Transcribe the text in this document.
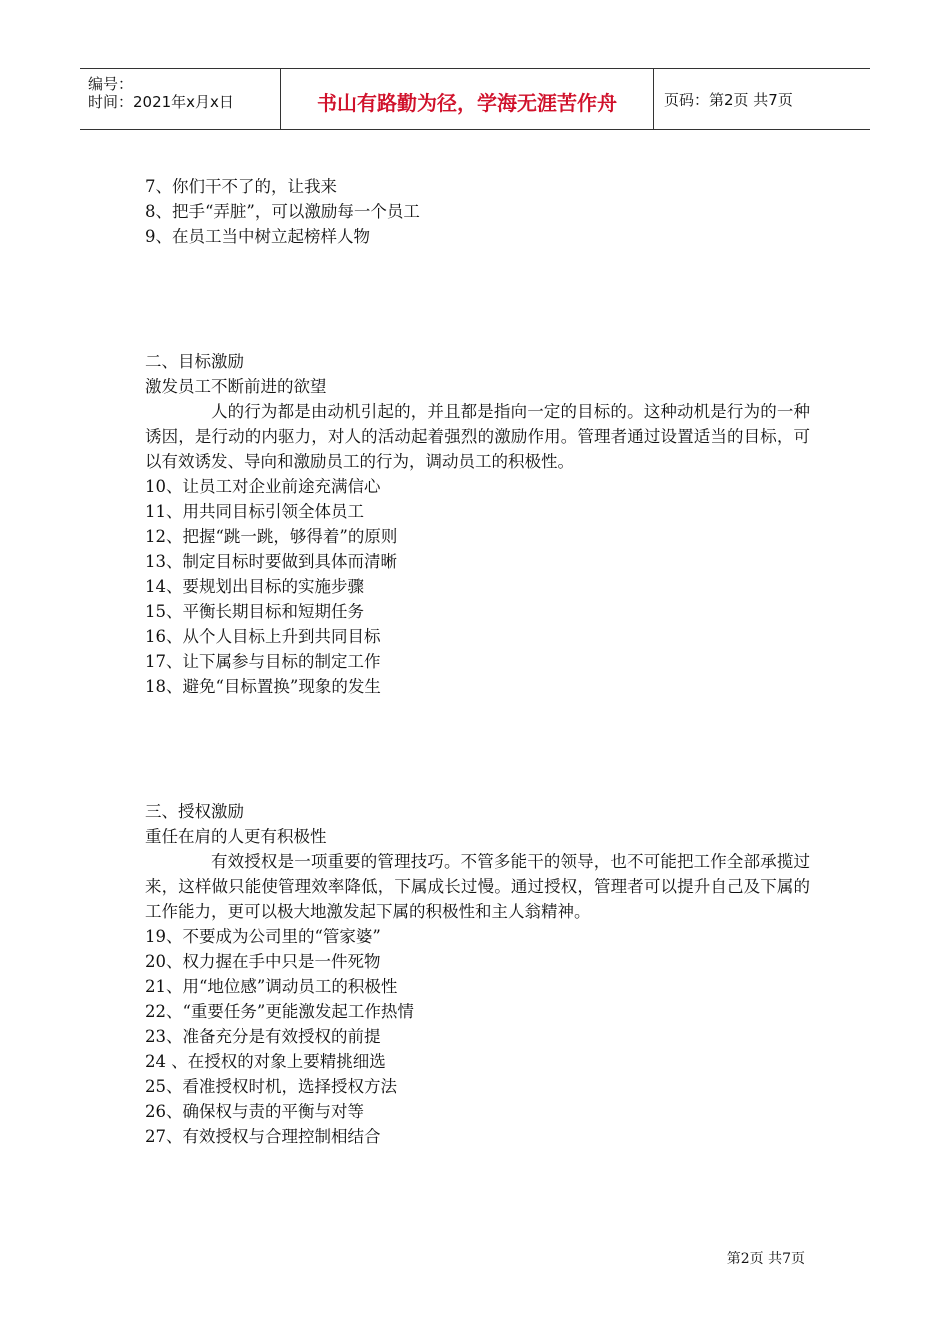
编号：
时间：2021年x月x日	书山有路勤为径，学海无涯苦作舟	页码：第2页 共7页
7、你们干不了的，让我来
8、把手“弄脏”，可以激励每一个员工
9、在员工当中树立起榜样人物
二、目标激励
激发员工不断前进的欲望

人的行为都是由动机引起的，并且都是指向一定的目标的。这种动机是行为的一种诱因，是行动的内驱力，对人的活动起着强烈的激励作用。管理者通过设置适当的目标，可以有效诱发、导向和激励员工的行为，调动员工的积极性。

10、让员工对企业前途充满信心
11、用共同目标引领全体员工
12、把握“跳一跳，够得着”的原则
13、制定目标时要做到具体而清晰
14、要规划出目标的实施步骤
15、平衡长期目标和短期任务
16、从个人目标上升到共同目标
17、让下属参与目标的制定工作
18、避免“目标置换”现象的发生
三、授权激励
重任在肩的人更有积极性

有效授权是一项重要的管理技巧。不管多能干的领导，也不可能把工作全部承揽过来，这样做只能使管理效率降低，下属成长过慢。通过授权，管理者可以提升自己及下属的工作能力，更可以极大地激发起下属的积极性和主人翁精神。

19、不要成为公司里的“管家婆”
20、权力握在手中只是一件死物
21、用“地位感”调动员工的积极性
22、“重要任务”更能激发起工作热情
23、准备充分是有效授权的前提
24 、在授权的对象上要精挑细选
25、看准授权时机，选择授权方法
26、确保权与责的平衡与对等
27、有效授权与合理控制相结合
第2页 共7页
